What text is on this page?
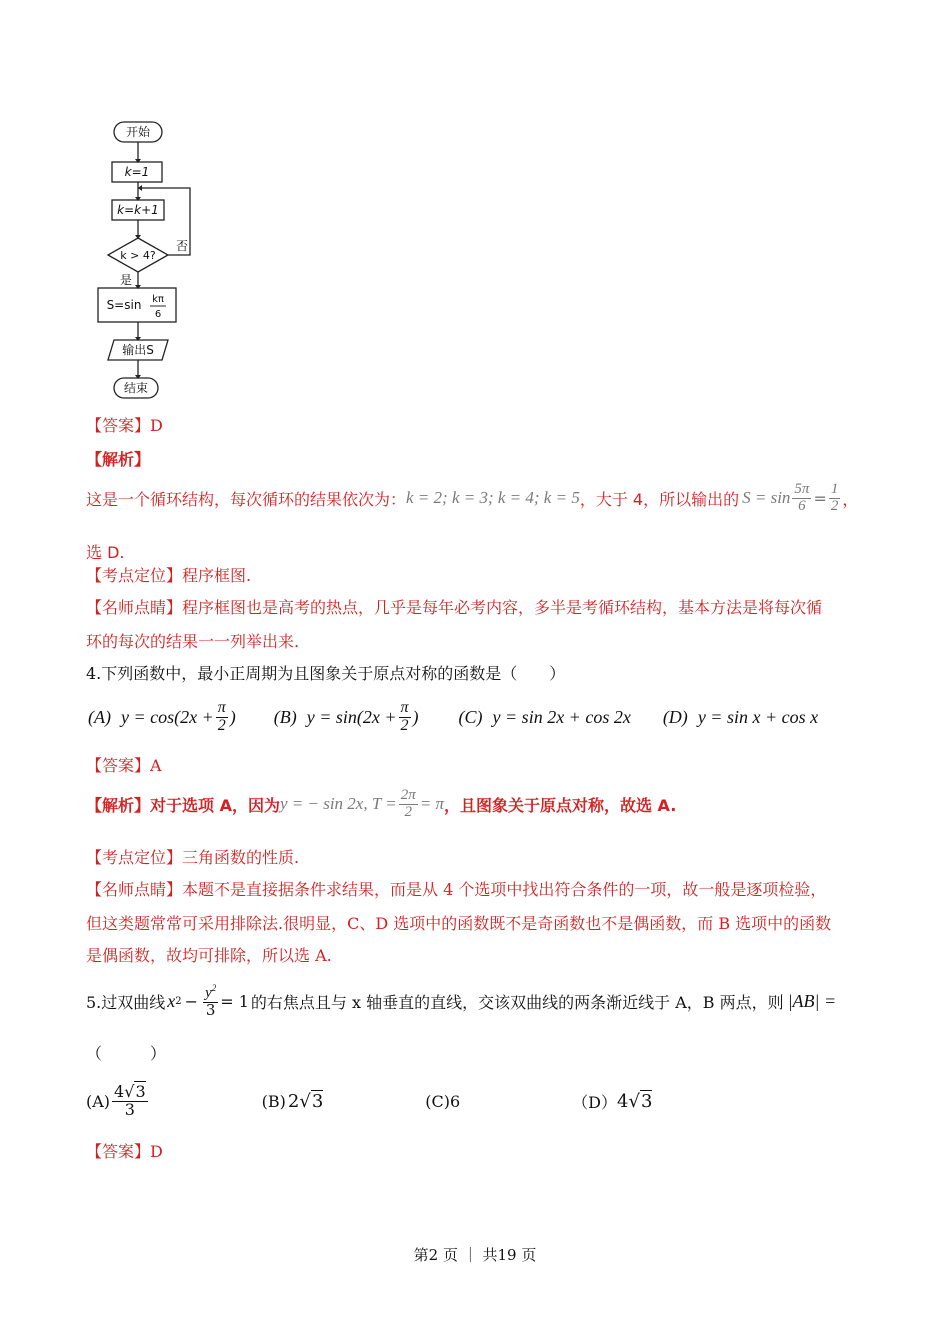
开始
k=1
k=k+1
k > 4?
否
是
S=sin kπ
6
输出S
结束
【答案】D
【解析】
这是一个循环结构，每次循环的结果依次为： k = 2; k = 3; k = 4; k = 5 ，大于 4，所以输出的 $S = \sin \frac{5\pi}{6} = \frac{1}{2}$ ，
选 D.
【考点定位】程序框图.
【名师点睛】程序框图也是高考的热点，几乎是每年必考内容，多半是考循环结构，基本方法是将每次循
环的每次的结果一一列举出来.
4.下列函数中，最小正周期为且图象关于原点对称的函数是（　　）
(A) $y = \cos(2x + \frac{\pi}{2}$ ) (B) $y = \sin(2x + \frac{\pi}{2}$ ) (C) y = sin 2x + cos 2x (D) y = sin x + cos x
【答案】A
【解析】对于选项 A，因为 y = − sin 2x, $T = \frac{2\pi}{2} = \pi$ ，且图象关于原点对称，故选 A.
【考点定位】三角函数的性质.
【名师点睛】本题不是直接据条件求结果，而是从 4 个选项中找出符合条件的一项，故一般是逐项检验，
但这类题常常可采用排除法.很明显，C、D 选项中的函数既不是奇函数也不是偶函数，而 B 选项中的函数
是偶函数，故均可排除，所以选 A.
5.过双曲线 x $2 - \frac{y^2}{3} = 1$ 的右焦点且与 x 轴垂直的直线，交该双曲线的两条渐近线于 A，B 两点，则 |AB| =
（　　　）
$(A) \frac{4√3}{3}$	(B) 2√3	(C)6	（D） 4√3
【答案】D
第2 页 ｜ 共19 页
